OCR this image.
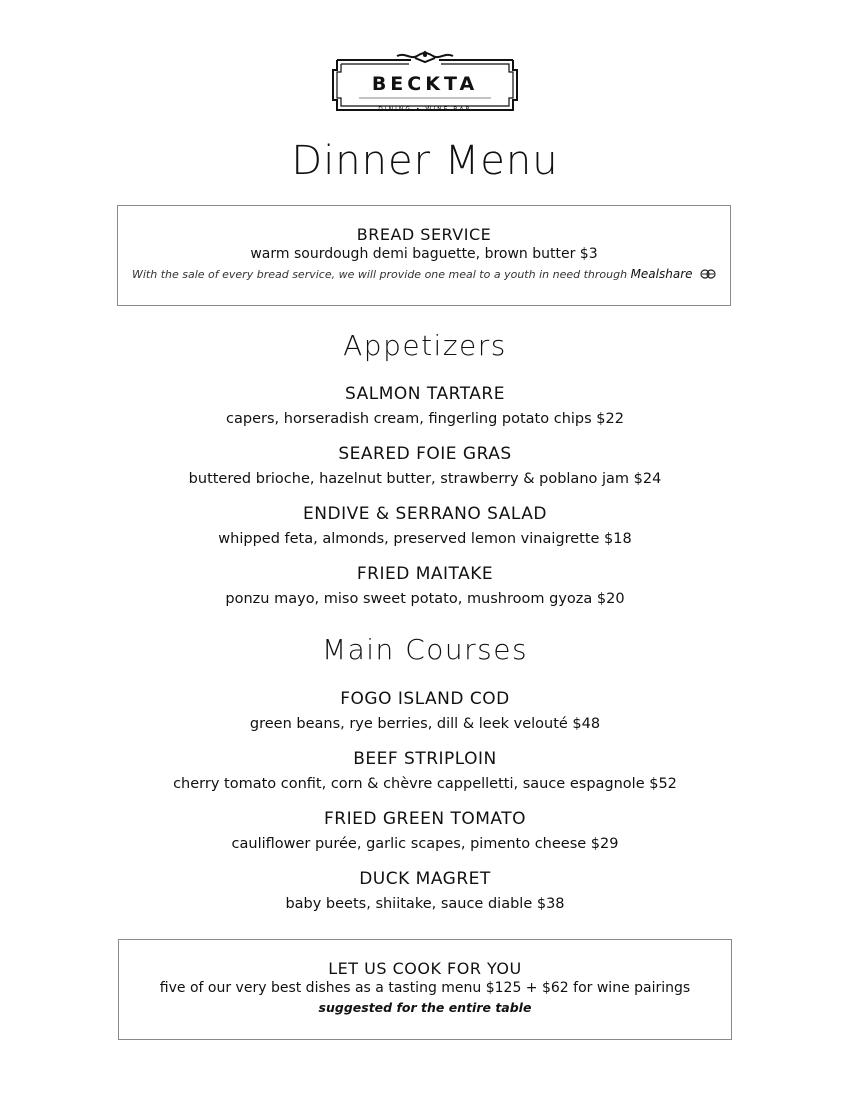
BECKTA
DINING • WINE BAR
Dinner Menu
BREAD SERVICE
warm sourdough demi baguette, brown butter $3
With the sale of every bread service, we will provide one meal to a youth in need through Mealshare
Appetizers
SALMON TARTARE
capers, horseradish cream, fingerling potato chips $22
SEARED FOIE GRAS
buttered brioche, hazelnut butter, strawberry & poblano jam $24
ENDIVE & SERRANO SALAD
whipped feta, almonds, preserved lemon vinaigrette $18
FRIED MAITAKE
ponzu mayo, miso sweet potato, mushroom gyoza $20
Main Courses
FOGO ISLAND COD
green beans, rye berries, dill & leek velouté $48
BEEF STRIPLOIN
cherry tomato confit, corn & chèvre cappelletti, sauce espagnole $52
FRIED GREEN TOMATO
cauliflower purée, garlic scapes, pimento cheese $29
DUCK MAGRET
baby beets, shiitake, sauce diable $38
LET US COOK FOR YOU
five of our very best dishes as a tasting menu $125 + $62 for wine pairings
suggested for the entire table
